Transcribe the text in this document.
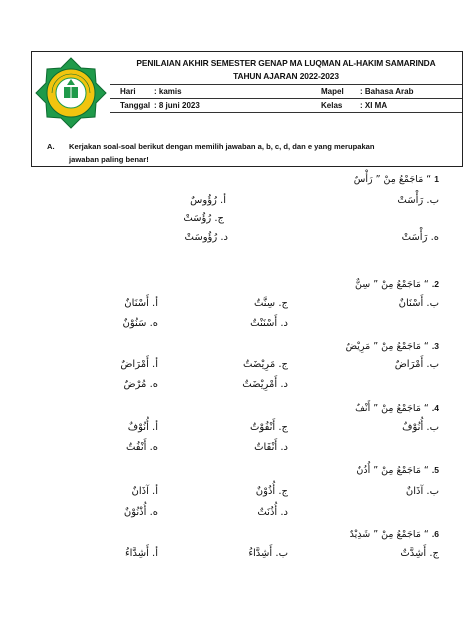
PENILAIAN AKHIR SEMESTER GENAP MA LUQMAN AL-HAKIM SAMARINDA
TAHUN AJARAN 2022-2023
Hari : kamis	Mapel : Bahasa Arab
Tanggal : 8 juni 2023	Kelas : XI MA
A. Kerjakan soal-soal berikut dengan memilih jawaban a, b, c, d, dan e yang merupakan
jawaban paling benar!
1 “ مَاجَمْعُ مِنْ ” رَأْسٌ
أ. رُؤُوسٌ	ب. رَأْسَتْ
ج. رُؤُسَتْ
د. رُؤُوسَتْ	ه. رَأْسَتْ
2. “ مَاجَمْعُ مِنْ ” سِنٌّ
أ. أَسْنَانٌ	ب. أَسْنَانٌ
ج. سِنَّتٌ
د. أَسْنَنْتٌ
ه. سَنُوْنٌ
3. “ مَاجَمْعُ مِنْ ” مَرِيْضٌ
أ. أَمْرَاضٌ	ب. أَمْرَاضٌ
ج. مَرِيْضَتٌ
د. أَمْرِيْضَتٌ
ه. مُرْضٌ
4. “ مَاجَمْعُ مِنْ ” أَنْفٌ
أ. أُنُوْفٌ	ب. أُنُوْفٌ
ج. أَنْفُوْتٌ
د. أَنْفَاتٌ
ه. أَنْفُتٌ
5. “ مَاجَمْعُ مِنْ ” أُذُنٌ
أ. آذَانٌ	ب. آذَانٌ
ج. أُذُوْنٌ
د. أُذُنَتٌ
ه. أُذْنُوْنٌ
6. “ مَاجَمْعُ مِنْ ” شَدِيْدٌ
أ. أَشِدَّاءُ	ب. أَشِدَّاءُ	ج. أَشِدَّتٌ
